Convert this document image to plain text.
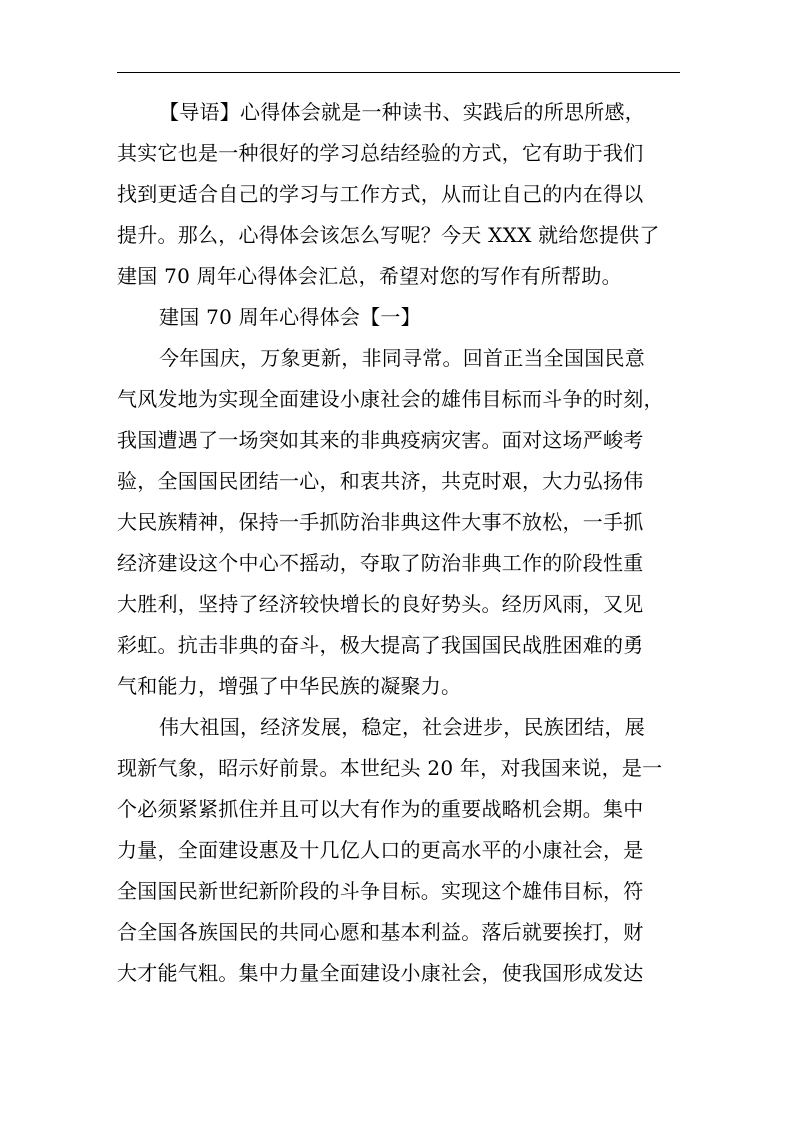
【导语】心得体会就是一种读书、实践后的所思所感，
其实它也是一种很好的学习总结经验的方式，它有助于我们
找到更适合自己的学习与工作方式，从而让自己的内在得以
提升。那么，心得体会该怎么写呢？今天 XXX 就给您提供了
建国 70 周年心得体会汇总，希望对您的写作有所帮助。
建国 70 周年心得体会【一】
今年国庆，万象更新，非同寻常。回首正当全国国民意
气风发地为实现全面建设小康社会的雄伟目标而斗争的时刻，
我国遭遇了一场突如其来的非典疫病灾害。面对这场严峻考
验，全国国民团结一心，和衷共济，共克时艰，大力弘扬伟
大民族精神，保持一手抓防治非典这件大事不放松，一手抓
经济建设这个中心不摇动，夺取了防治非典工作的阶段性重
大胜利，坚持了经济较快增长的良好势头。经历风雨，又见
彩虹。抗击非典的奋斗，极大提高了我国国民战胜困难的勇
气和能力，增强了中华民族的凝聚力。
伟大祖国，经济发展，稳定，社会进步，民族团结，展
现新气象，昭示好前景。本世纪头 20 年，对我国来说，是一
个必须紧紧抓住并且可以大有作为的重要战略机会期。集中
力量，全面建设惠及十几亿人口的更高水平的小康社会，是
全国国民新世纪新阶段的斗争目标。实现这个雄伟目标，符
合全国各族国民的共同心愿和基本利益。落后就要挨打，财
大才能气粗。集中力量全面建设小康社会，使我国形成发达
